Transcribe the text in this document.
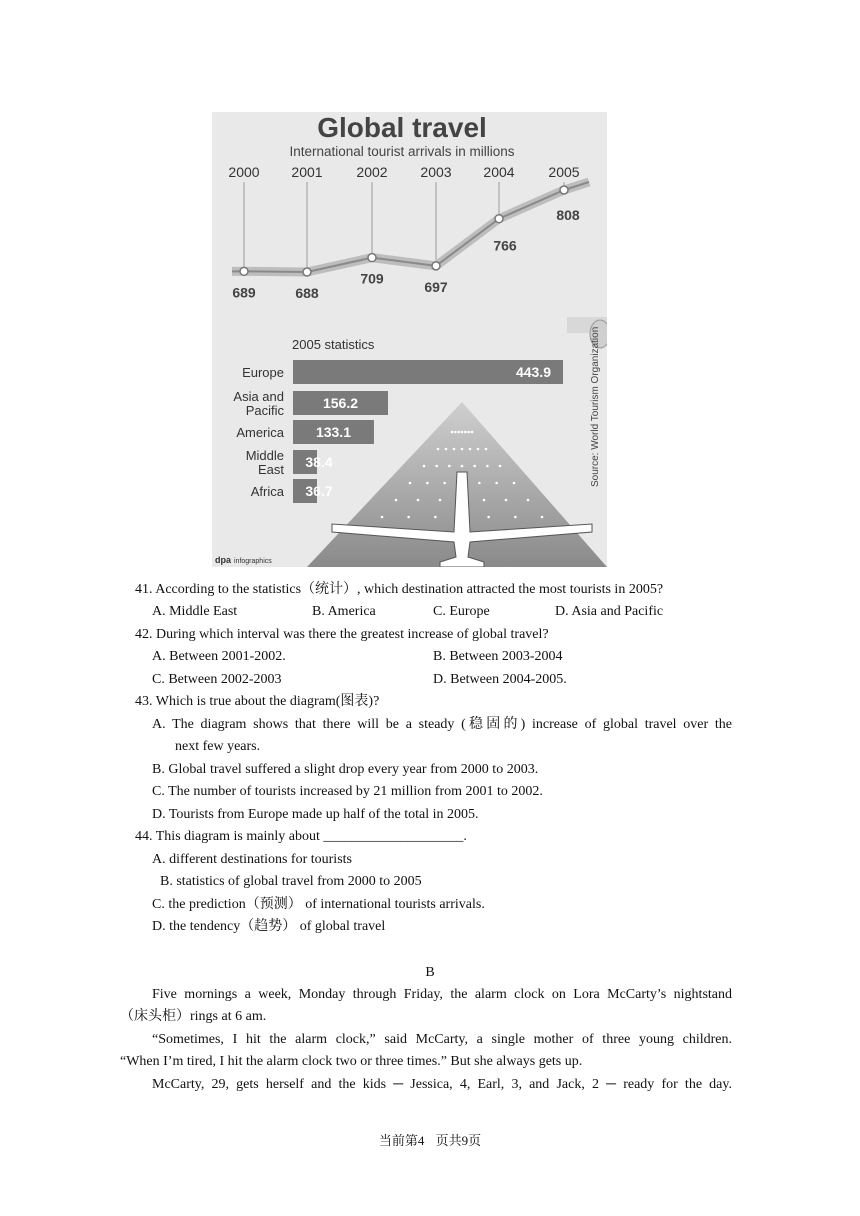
Global travel
International tourist arrivals in millions
2000 2001 2002 2003 2004 2005
689	688
709
697
766
808
2005 statistics
443.9
Europe
156.2
Asia and
Pacific
133.1
America
38.4
Middle
East
36.7
Africa
Source: World Tourism Organization
dpa infographics
41. According to the statistics（统计）, which destination attracted the most tourists in 2005?
A. Middle East	B. America	C. Europe	D. Asia and Pacific
42. During which interval was there the greatest increase of global travel?
A. Between 2001-2002.	B. Between 2003-2004
C. Between 2002-2003	D. Between 2004-2005.
43. Which is true about the diagram(图表)?
A. The diagram shows that there will be a steady (稳固的) increase of global travel over the
next few years.
B. Global travel suffered a slight drop every year from 2000 to 2003.
C. The number of tourists increased by 21 million from 2001 to 2002.
D. Tourists from Europe made up half of the total in 2005.
44. This diagram is mainly about ____________________.
A. different destinations for tourists
B. statistics of global travel from 2000 to 2005
C. the prediction（预测） of international tourists arrivals.
D. the tendency（趋势） of global travel
B
Five mornings a week, Monday through Friday, the alarm clock on Lora McCarty’s nightstand
（床头柜）rings at 6 am.
“Sometimes, I hit the alarm clock,” said McCarty, a single mother of three young children.
“When I’m tired, I hit the alarm clock two or three times.” But she always gets up.
McCarty, 29, gets herself and the kids ─ Jessica, 4, Earl, 3, and Jack, 2 ─ ready for the day.
当前第4 页共9页
